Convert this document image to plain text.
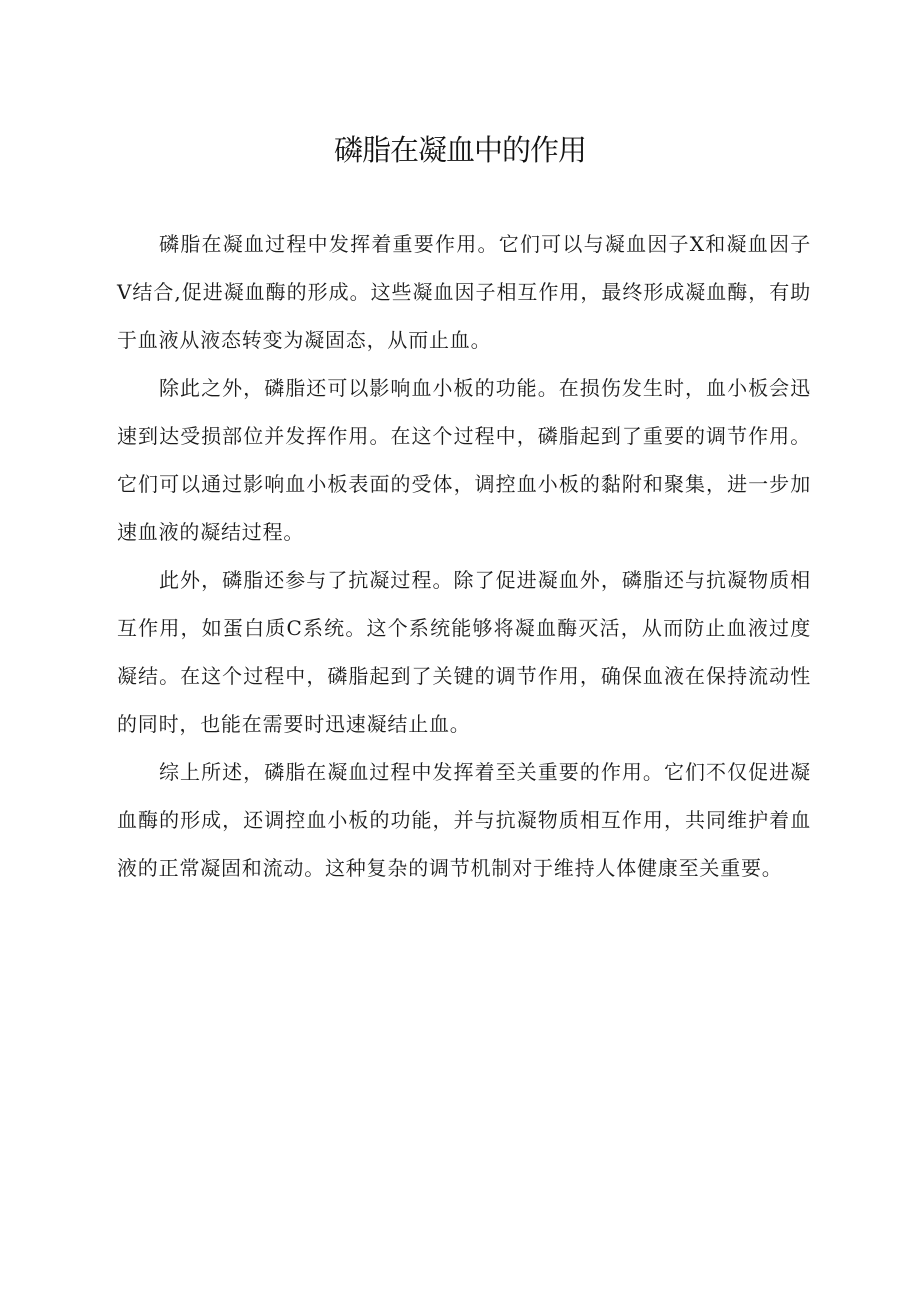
磷脂在凝血中的作用

磷脂在凝血过程中发挥着重要作用。它们可以与凝血因子X和凝血因子V结合,促进凝血酶的形成。这些凝血因子相互作用，最终形成凝血酶，有助于血液从液态转变为凝固态，从而止血。

除此之外，磷脂还可以影响血小板的功能。在损伤发生时，血小板会迅速到达受损部位并发挥作用。在这个过程中，磷脂起到了重要的调节作用。它们可以通过影响血小板表面的受体，调控血小板的黏附和聚集，进一步加速血液的凝结过程。

此外，磷脂还参与了抗凝过程。除了促进凝血外，磷脂还与抗凝物质相互作用，如蛋白质C系统。这个系统能够将凝血酶灭活，从而防止血液过度凝结。在这个过程中，磷脂起到了关键的调节作用，确保血液在保持流动性的同时，也能在需要时迅速凝结止血。

综上所述，磷脂在凝血过程中发挥着至关重要的作用。它们不仅促进凝血酶的形成，还调控血小板的功能，并与抗凝物质相互作用，共同维护着血液的正常凝固和流动。这种复杂的调节机制对于维持人体健康至关重要。
